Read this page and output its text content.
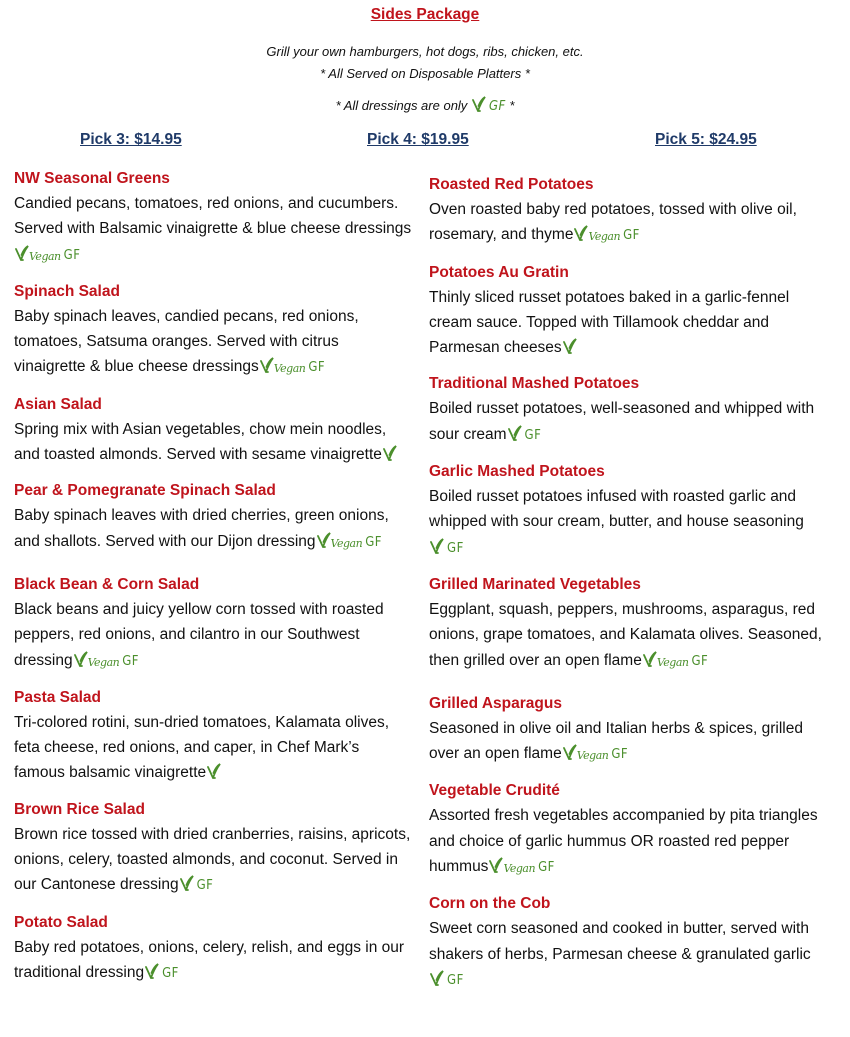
Sides Package
Grill your own hamburgers, hot dogs, ribs, chicken, etc.
* All Served on Disposable Platters *
* All dressings are only GF *
Pick 3: $14.95	Pick 4: $19.95	Pick 5: $24.95
NW Seasonal Greens

Candied pecans, tomatoes, red onions, and cucumbers. Served with Balsamic vinaigrette & blue cheese dressingsVegan GF

Spinach Salad

Baby spinach leaves, candied pecans, red onions, tomatoes, Satsuma oranges. Served with citrus vinaigrette & blue cheese dressings Vegan GF

Asian Salad

Spring mix with Asian vegetables, chow mein noodles, and toasted almonds. Served with sesame vinaigrette

Pear & Pomegranate Spinach Salad

Baby spinach leaves with dried cherries, green onions, and shallots. Served with our Dijon dressing Vegan GF

Black Bean & Corn Salad

Black beans and juicy yellow corn tossed with roasted peppers, red onions, and cilantro in our Southwest dressing Vegan GF

Pasta Salad

Tri-colored rotini, sun-dried tomatoes, Kalamata olives, feta cheese, red onions, and caper, in Chef Mark’s famous balsamic vinaigrette

Brown Rice Salad

Brown rice tossed with dried cranberries, raisins, apricots, onions, celery, toasted almonds, and coconut. Served in our Cantonese dressing GF

Potato Salad

Baby red potatoes, onions, celery, relish, and eggs in our traditional dressing GF

Roasted Red Potatoes

Oven roasted baby red potatoes, tossed with olive oil, rosemary, and thyme Vegan GF

Potatoes Au Gratin

Thinly sliced russet potatoes baked in a garlic-fennel cream sauce. Topped with Tillamook cheddar and Parmesan cheeses

Traditional Mashed Potatoes

Boiled russet potatoes, well-seasoned and whipped with sour cream GF

Garlic Mashed Potatoes

Boiled russet potatoes infused with roasted garlic and whipped with sour cream, butter, and house seasoningGF

Grilled Marinated Vegetables

Eggplant, squash, peppers, mushrooms, asparagus, red onions, grape tomatoes, and Kalamata olives. Seasoned, then grilled over an open flame Vegan GF

Grilled Asparagus

Seasoned in olive oil and Italian herbs & spices, grilled over an open flame Vegan GF

Vegetable Crudité

Assorted fresh vegetables accompanied by pita triangles and choice of garlic hummus OR roasted red pepper hummus Vegan GF

Corn on the Cob

Sweet corn seasoned and cooked in butter, served with shakers of herbs, Parmesan cheese & granulated garlicGF
